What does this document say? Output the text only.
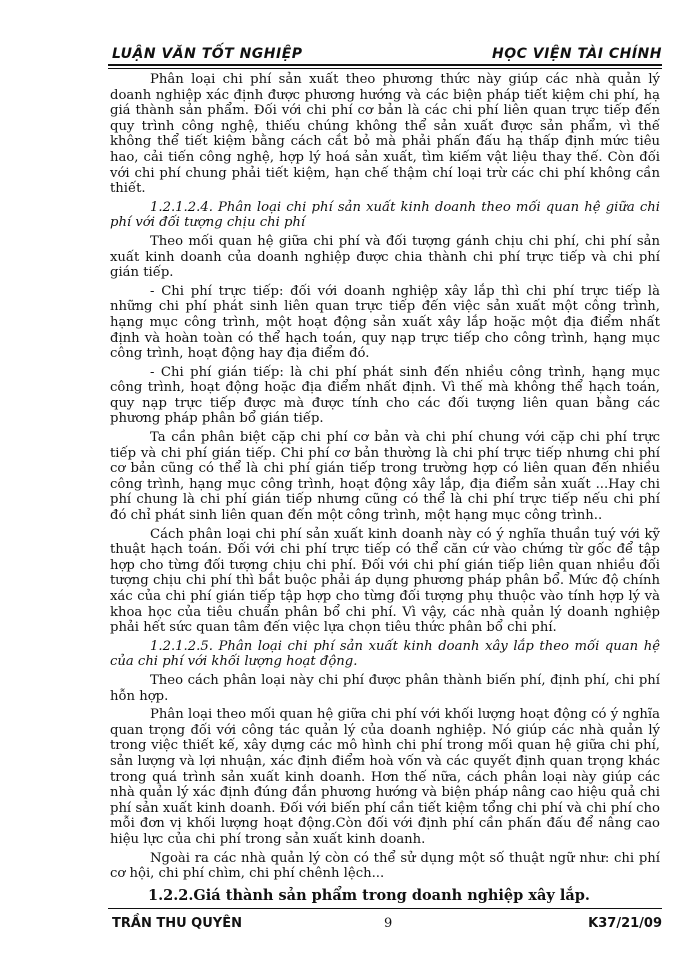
LUẬN VĂN TỐT NGHIỆP	HỌC VIỆN TÀI CHÍNH

Phân loại chi phí sản xuất theo phương thức này giúp các nhà quản lý doanh nghiệp xác định được phương hướng và các biện pháp tiết kiệm chi phí, hạ giá thành sản phẩm. Đối với chi phí cơ bản là các chi phí liên quan trực tiếp đến quy trình công nghệ, thiếu chúng không thể sản xuất được sản phẩm, vì thế không thể tiết kiệm bằng cách cắt bỏ mà phải phấn đấu hạ thấp định mức tiêu hao, cải tiến công nghệ, hợp lý hoá sản xuất, tìm kiếm vật liệu thay thế. Còn đối với chi phí chung phải tiết kiệm, hạn chế thậm chí loại trừ các chi phí không cần thiết.

1.2.1.2.4. Phân loại chi phí sản xuất kinh doanh theo mối quan hệ giữa chi phí với đối tượng chịu chi phí

Theo mối quan hệ giữa chi phí và đối tượng gánh chịu chi phí, chi phí sản xuất kinh doanh của doanh nghiệp được chia thành chi phí trực tiếp và chi phí gián tiếp.

- Chi phí trực tiếp: đối với doanh nghiệp xây lắp thì chi phí trực tiếp là những chi phí phát sinh liên quan trực tiếp đến việc sản xuất một công trình, hạng mục công trình, một hoạt động sản xuất xây lắp hoặc một địa điểm nhất định và hoàn toàn có thể hạch toán, quy nạp trực tiếp cho công trình, hạng mục công trình, hoạt động hay địa điểm đó.

- Chi phí gián tiếp: là chi phí phát sinh đến nhiều công trình, hạng mục công trình, hoạt động hoặc địa điểm nhất định. Vì thế mà không thể hạch toán, quy nạp trực tiếp được mà được tính cho các đối tượng liên quan bằng các phương pháp phân bổ gián tiếp.

Ta cần phân biệt cặp chi phí cơ bản và chi phí chung với cặp chi phí trực tiếp và chi phí gián tiếp. Chi phí cơ bản thường là chi phí trực tiếp nhưng chi phí cơ bản cũng có thể là chi phí gián tiếp trong trường hợp có liên quan đến nhiều công trình, hạng mục công trình, hoạt động xây lắp, địa điểm sản xuất ...Hay chi phí chung là chi phí gián tiếp nhưng cũng có thể là chi phí trực tiếp nếu chi phí đó chỉ phát sinh liên quan đến một công trình, một hạng mục công trình..

Cách phân loại chi phí sản xuất kinh doanh này có ý nghĩa thuần tuý với kỹ thuật hạch toán. Đối với chi phí trực tiếp có thể căn cứ vào chứng từ gốc để tập hợp cho từng đối tượng chịu chi phí. Đối với chi phí gián tiếp liên quan nhiều đối tượng chịu chi phí thì bắt buộc phải áp dụng phương pháp phân bổ. Mức độ chính xác của chi phí gián tiếp tập hợp cho từng đối tượng phụ thuộc vào tính hợp lý và khoa học của tiêu chuẩn phân bổ chi phí. Vì vậy, các nhà quản lý doanh nghiệp phải hết sức quan tâm đến việc lựa chọn tiêu thức phân bổ chi phí.

1.2.1.2.5. Phân loại chi phí sản xuất kinh doanh xây lắp theo mối quan hệ của chi phí với khối lượng hoạt động.

Theo cách phân loại này chi phí được phân thành biến phí, định phí, chi phí hỗn hợp.

Phân loại theo mối quan hệ giữa chi phí với khối lượng hoạt động có ý nghĩa quan trọng đối với công tác quản lý của doanh nghiệp. Nó giúp các nhà quản lý trong việc thiết kế, xây dựng các mô hình chi phí trong mối quan hệ giữa chi phí, sản lượng và lợi nhuận, xác định điểm hoà vốn và các quyết định quan trọng khác trong quá trình sản xuất kinh doanh. Hơn thế nữa, cách phân loại này giúp các nhà quản lý xác định đúng đắn phương hướng và biện pháp nâng cao hiệu quả chi phí sản xuất kinh doanh. Đối với biến phí cần tiết kiệm tổng chi phí và chi phí cho mỗi đơn vị khối lượng hoạt động.Còn đối với định phí cần phấn đấu để nâng cao hiệu lực của chi phí trong sản xuất kinh doanh.

Ngoài ra các nhà quản lý còn có thể sử dụng một số thuật ngữ như: chi phí cơ hội, chi phí chìm, chi phí chênh lệch...

1.2.2.Giá thành sản phẩm trong doanh nghiệp xây lắp.

TRẦN THU QUYÊN	9	K37/21/09
